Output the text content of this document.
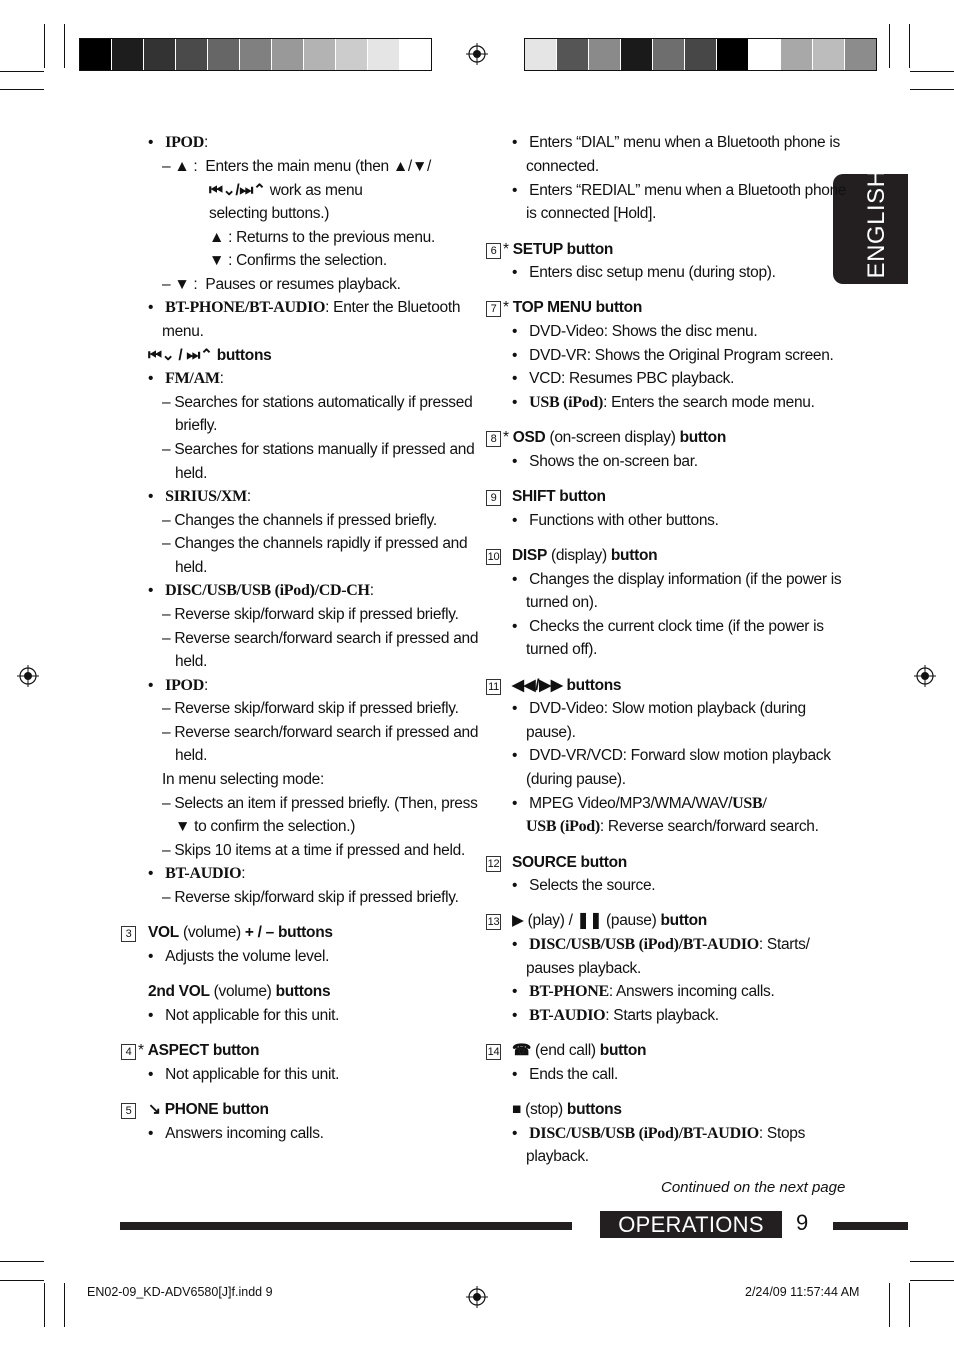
ENGLISH
•   IPOD:
– ▲ :  Enters the main menu (then ▲/▼/
⏮︎⌄/⏭︎⌃ work as menu
selecting buttons.)
▲ : Returns to the previous menu.
▼ : Confirms the selection.
– ▼ :  Pauses or resumes playback.
•   BT-PHONE/BT-AUDIO: Enter the Bluetooth
menu.
⏮︎⌄ / ⏭︎⌃ buttons
•   FM/AM:
– Searches for stations automatically if pressed
briefly.
– Searches for stations manually if pressed and
held.
•   SIRIUS/XM:
– Changes the channels if pressed briefly.
– Changes the channels rapidly if pressed and
held.
•   DISC/USB/USB (iPod)/CD-CH:
– Reverse skip/forward skip if pressed briefly.
– Reverse search/forward search if pressed and
held.
•   IPOD:
– Reverse skip/forward skip if pressed briefly.
– Reverse search/forward search if pressed and
held.
In menu selecting mode:
– Selects an item if pressed briefly. (Then, press
▼ to confirm the selection.)
– Skips 10 items at a time if pressed and held.
•   BT-AUDIO:
– Reverse skip/forward skip if pressed briefly.
3 VOL (volume) + / – buttons
•   Adjusts the volume level.
2nd VOL (volume) buttons
•   Not applicable for this unit.
4 * ASPECT button
•   Not applicable for this unit.
5 ↘ PHONE button
•   Answers incoming calls.
•   Enters “DIAL” menu when a Bluetooth phone is
connected.
•   Enters “REDIAL” menu when a Bluetooth phone
is connected [Hold].
6 * SETUP button
•   Enters disc setup menu (during stop).
7 * TOP MENU button
•   DVD-Video: Shows the disc menu.
•   DVD-VR: Shows the Original Program screen.
•   VCD: Resumes PBC playback.
•   USB (iPod): Enters the search mode menu.
8 * OSD (on-screen display) button
•   Shows the on-screen bar.
9 SHIFT button
•   Functions with other buttons.
10 DISP (display) button
•   Changes the display information (if the power is
turned on).
•   Checks the current clock time (if the power is
turned off).
11 ◀◀/▶▶ buttons
•   DVD-Video: Slow motion playback (during
pause).
•   DVD-VR/VCD: Forward slow motion playback
(during pause).
•   MPEG Video/MP3/WMA/WAV/USB/
USB (iPod): Reverse search/forward search.
12 SOURCE button
•   Selects the source.
13 ▶ (play) / ❚❚ (pause) button
•   DISC/USB/USB (iPod)/BT-AUDIO: Starts/
pauses playback.
•   BT-PHONE: Answers incoming calls.
•   BT-AUDIO: Starts playback.
14 ☎ (end call) button
•   Ends the call.
■ (stop) buttons
•   DISC/USB/USB (iPod)/BT-AUDIO: Stops
playback.
Continued on the next page
OPERATIONS	9
EN02-09_KD-ADV6580[J]f.indd 9	2/24/09 11:57:44 AM
